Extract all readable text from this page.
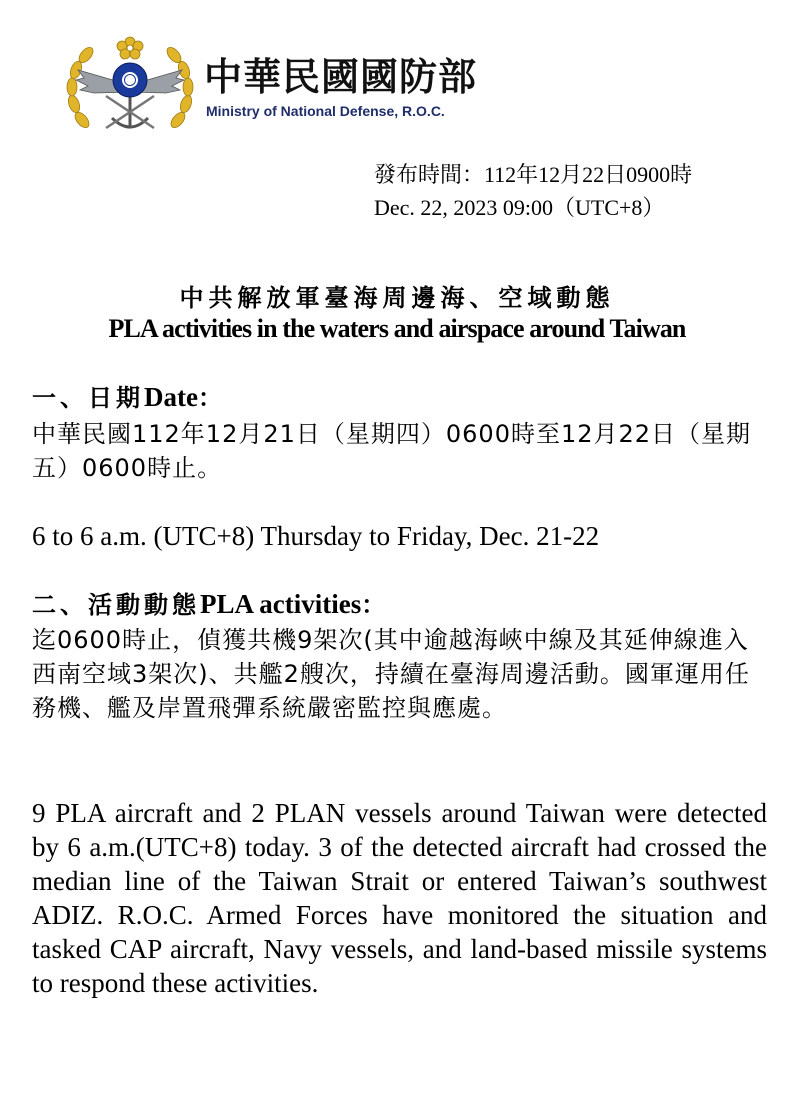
中華民國國防部
Ministry of National Defense, R.O.C.
發布時間：112年12月22日0900時
Dec. 22, 2023 09:00（UTC+8）
中共解放軍臺海周邊海、空域動態
PLA activities in the waters and airspace around Taiwan
一、日期Date：
中華民國112年12月21日（星期四）0600時至12月22日（星期五）0600時止。
6 to 6 a.m. (UTC+8) Thursday to Friday, Dec. 21-22
二、活動動態PLA activities：
迄0600時止，偵獲共機9架次(其中逾越海峽中線及其延伸線進入西南空域3架次)、共艦2艘次，持續在臺海周邊活動。國軍運用任務機、艦及岸置飛彈系統嚴密監控與應處。
9 PLA aircraft and 2 PLAN vessels around Taiwan were detected by 6 a.m.(UTC+8) today. 3 of the detected aircraft had crossed the median line of the Taiwan Strait or entered Taiwan’s southwest ADIZ. R.O.C. Armed Forces have monitored the situation and tasked CAP aircraft, Navy vessels, and land-based missile systems to respond these activities.
